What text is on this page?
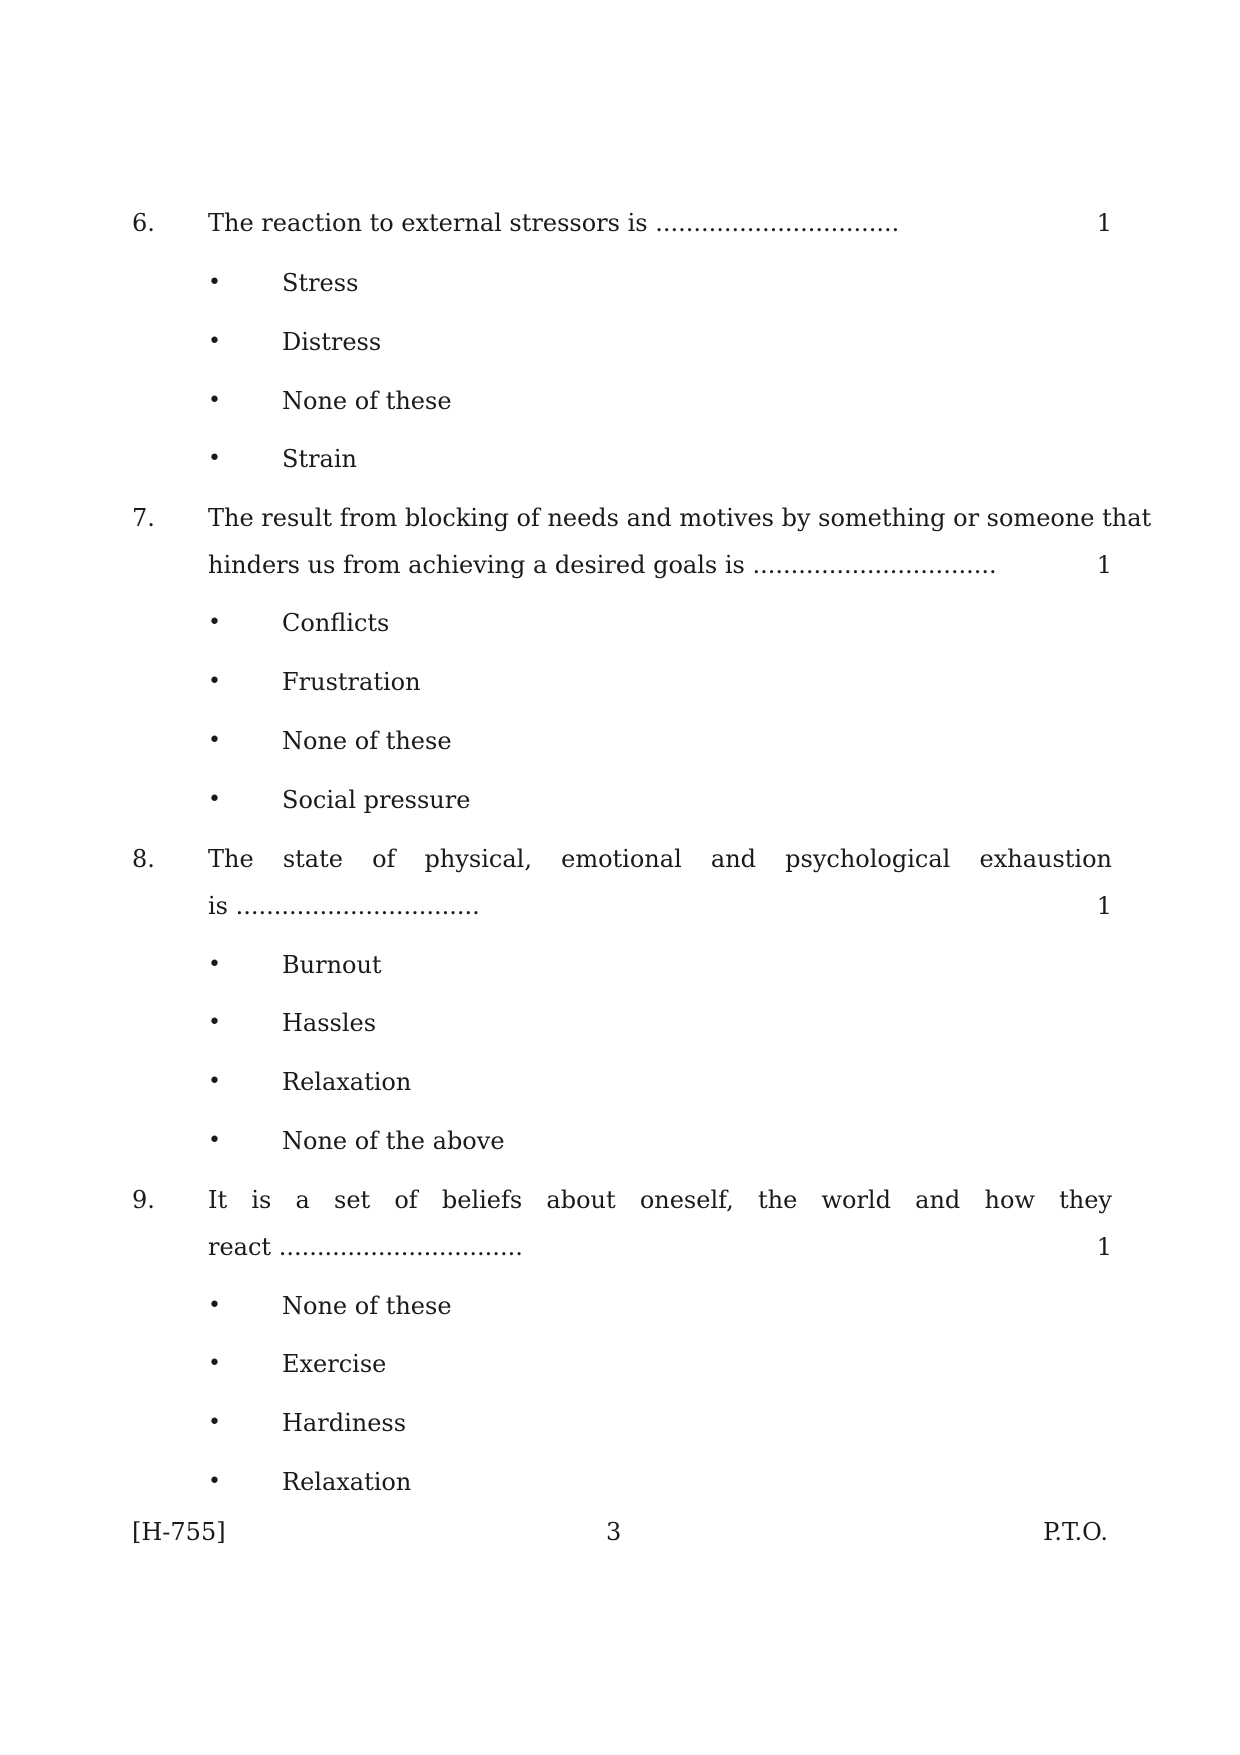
6. The reaction to external stressors is ................................	1
•	Stress
•	Distress
•	None of these
•	Strain
7. The result from blocking of needs and motives by something or someone that
hinders us from achieving a desired goals is ................................	1
•	Conflicts
•	Frustration
•	None of these
•	Social pressure
8. The state of physical, emotional and psychological exhaustion
is ................................	1
•	Burnout
•	Hassles
•	Relaxation
•	None of the above
9. It is a set of beliefs about oneself, the world and how they
react ................................	1
•	None of these
•	Exercise
•	Hardiness
•	Relaxation
[H-755]	3	P.T.O.
